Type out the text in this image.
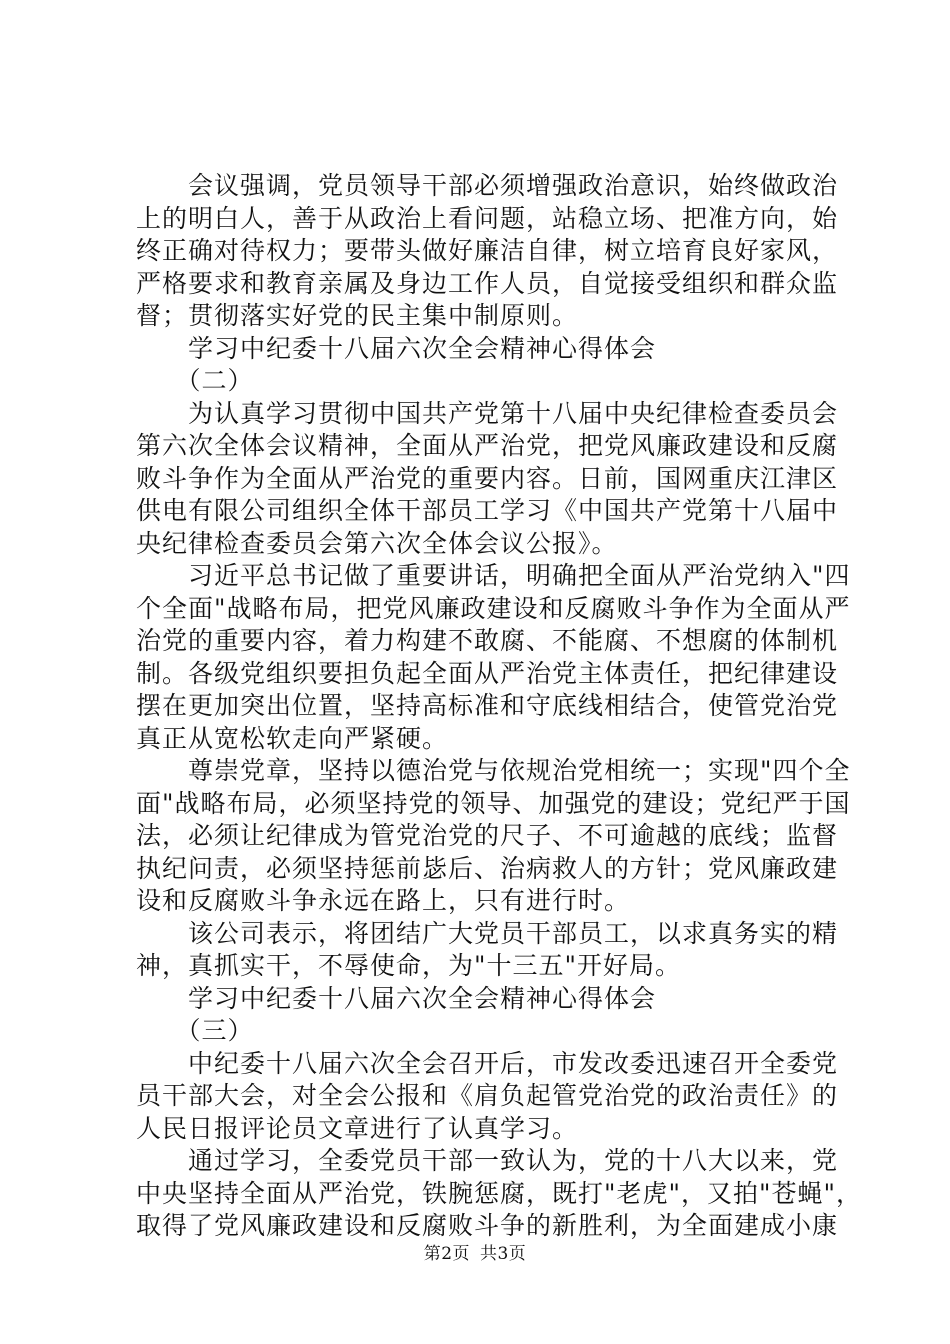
　　会议强调，党员领导干部必须增强政治意识，始终做政治
上的明白人，善于从政治上看问题，站稳立场、把准方向，始
终正确对待权力；要带头做好廉洁自律，树立培育良好家风，
严格要求和教育亲属及身边工作人员，自觉接受组织和群众监
督；贯彻落实好党的民主集中制原则。
　　学习中纪委十八届六次全会精神心得体会
　　（二）
　　为认真学习贯彻中国共产党第十八届中央纪律检查委员会
第六次全体会议精神，全面从严治党，把党风廉政建设和反腐
败斗争作为全面从严治党的重要内容。日前，国网重庆江津区
供电有限公司组织全体干部员工学习《中国共产党第十八届中
央纪律检查委员会第六次全体会议公报》。
　　习近平总书记做了重要讲话，明确把全面从严治党纳入"四
个全面"战略布局，把党风廉政建设和反腐败斗争作为全面从严
治党的重要内容，着力构建不敢腐、不能腐、不想腐的体制机
制。各级党组织要担负起全面从严治党主体责任，把纪律建设
摆在更加突出位置，坚持高标准和守底线相结合，使管党治党
真正从宽松软走向严紧硬。
　　尊崇党章，坚持以德治党与依规治党相统一；实现"四个全
面"战略布局，必须坚持党的领导、加强党的建设；党纪严于国
法，必须让纪律成为管党治党的尺子、不可逾越的底线；监督
执纪问责，必须坚持惩前毖后、治病救人的方针；党风廉政建
设和反腐败斗争永远在路上，只有进行时。
　　该公司表示，将团结广大党员干部员工，以求真务实的精
神，真抓实干，不辱使命，为"十三五"开好局。
　　学习中纪委十八届六次全会精神心得体会
　　（三）
　　中纪委十八届六次全会召开后，市发改委迅速召开全委党
员干部大会，对全会公报和《肩负起管党治党的政治责任》的
人民日报评论员文章进行了认真学习。
　　通过学习，全委党员干部一致认为，党的十八大以来，党
中央坚持全面从严治党，铁腕惩腐，既打"老虎"，又拍"苍蝇"，
取得了党风廉政建设和反腐败斗争的新胜利，为全面建成小康
第2页 共3页
